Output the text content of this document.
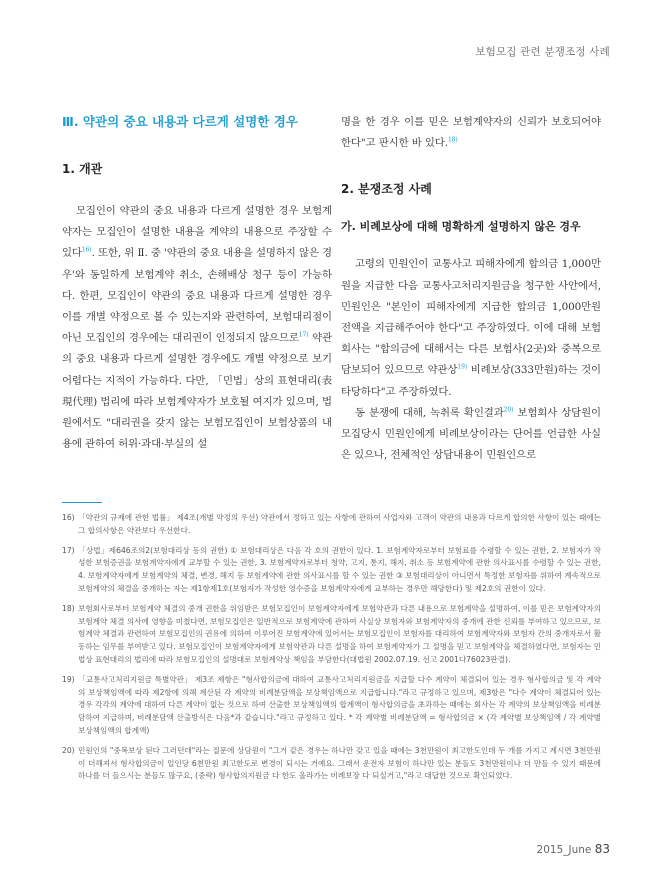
보험모집 관련 분쟁조정 사례
Ⅲ. 약관의 중요 내용과 다르게 설명한 경우
1. 개관

모집인이 약관의 중요 내용과 다르게 설명한 경우 보험계약자는 모집인이 설명한 내용을 계약의 내용으로 주장할 수 있다$^{16)}$. 또한, 위 Ⅱ. 중 '약관의 중요 내용을 설명하지 않은 경우'와 동일하게 보험계약 취소, 손해배상 청구 등이 가능하다. 한편, 모집인이 약관의 중요 내용과 다르게 설명한 경우 이를 개별 약정으로 볼 수 있는지와 관련하여, 보험대리점이 아닌 모집인의 경우에는 대리권이 인정되지 않으므로$^{17)}$ 약관의 중요 내용과 다르게 설명한 경우에도 개별 약정으로 보기 어렵다는 지적이 가능하다. 다만, 「민법」상의 표현대리(表現代理) 법리에 따라 보험계약자가 보호될 여지가 있으며, 법원에서도 "대리권을 갖지 않는 보험모집인이 보험상품의 내용에 관하여 허위·과대·부실의 설

명을 한 경우 이를 믿은 보험계약자의 신뢰가 보호되어야 한다"고 판시한 바 있다.$^{18)}$

2. 분쟁조정 사례
가. 비례보상에 대해 명확하게 설명하지 않은 경우

고령의 민원인이 교통사고 피해자에게 합의금 1,000만원을 지급한 다음 교통사고처리지원금을 청구한 사안에서, 민원인은 "본인이 피해자에게 지급한 합의금 1,000만원 전액을 지급해주어야 한다"고 주장하였다. 이에 대해 보험회사는 "합의금에 대해서는 다른 보험사(2곳)와 중복으로 담보되어 있으므로 약관상$^{19)}$ 비례보상(333만원)하는 것이 타당하다"고 주장하였다.

동 분쟁에 대해, 녹취록 확인결과$^{20)}$ 보험회사 상담원이 모집당시 민원인에게 비례보상이라는 단어를 언급한 사실은 있으나, 전체적인 상담내용이 민원인으로

16) 「약관의 규제에 관한 법률」 제4조(개별 약정의 우선) 약관에서 정하고 있는 사항에 관하여 사업자와 고객이 약관의 내용과 다르게 합의한 사항이 있는 때에는 그 합의사항은 약관보다 우선한다.
17) 「상법」제646조의2(보험대리상 등의 권한) ① 보험대리상은 다음 각 호의 권한이 있다. 1. 보험계약자로부터 보험료를 수령할 수 있는 권한, 2. 보험자가 작성한 보험증권을 보험계약자에게 교부할 수 있는 권한, 3. 보험계약자로부터 청약, 고지, 통지, 해지, 취소 등 보험계약에 관한 의사표시를 수령할 수 있는 권한, 4. 보험계약자에게 보험계약의 체결, 변경, 해지 등 보험계약에 관한 의사표시를 할 수 있는 권한 ③ 보험대리상이 아니면서 특정한 보험자를 위하여 계속적으로 보험계약의 체결을 중개하는 자는 제1항제1호(보험자가 작성한 영수증을 보험계약자에게 교부하는 경우만 해당한다) 및 제2호의 권한이 있다.
18) 보험회사로부터 보험계약 체결의 중개 권한을 위임받은 보험모집인이 보험계약자에게 보험약관과 다른 내용으로 보험계약을 설명하여, 이를 믿은 보험계약자의 보험계약 체결 의사에 영향을 미쳤다면, 보험모집인은 일반적으로 보험계약에 관하여 사실상 보험자와 보험계약자의 중개에 관한 신뢰를 부여하고 있으므로, 보험계약 체결과 관련하여 보험모집인의 권유에 의하여 이루어진 보험계약에 있어서는 보험모집인이 보험자를 대리하여 보험계약자와 보험자 간의 중개자로서 활동하는 임무를 부여받고 있다. 보험모집인이 보험계약자에게 보험약관과 다른 설명을 하여 보험계약자가 그 설명을 믿고 보험계약을 체결하였다면, 보험자는 민법상 표현대리의 법리에 따라 보험모집인의 설명대로 보험계약상 책임을 부담한다(대법원 2002.07.19. 선고 2001다76023판결).
19) 「교통사고처리지원금 특별약관」 제3조 제항은 "형사합의금에 대하여 교통사고처리지원금을 지급할 다수 계약이 체결되어 있는 경우 형사합의금 및 각 계약의 보상책임액에 따라 제2항에 의해 계산된 각 계약의 비례분담액을 보상책임액으로 지급합니다."라고 규정하고 있으며, 제3항은 "다수 계약이 체결되어 있는 경우 각각의 계약에 대하여 다른 계약이 없는 것으로 하여 산출한 보상책임액의 합계액이 형사합의금을 초과하는 때에는 회사는 각 계약의 보상책임액을 비례분담하여 지급하며, 비례분담액 산출방식은 다음*과 같습니다."라고 규정하고 있다. * 각 계약별 비례분담액 = 형사합의금 × (각 계약별 보상책임액 / 각 계약별 보상책임액의 합계액)
20) 민원인의 "중복보상 된다 그러던데"라는 질문에 상담원이 "그거 같은 경우는 하나만 갖고 있을 때에는 3천만원이 최고한도인데 두 개를 가지고 계시면 3천만원이 더해져서 형사합의금이 일인당 6천만원 최고한도로 변경이 되시는 거예요. 그래서 운전자 보험이 하나만 있는 분들도 3천만원이나 더 만들 수 있기 때문에 하나를 더 들으시는 분들도 많구요, (중략) 형사합의지원금 다 한도 올라가는 비례보장 다 되실거고,"라고 대답한 것으로 확인되었다.
2015_June 83
